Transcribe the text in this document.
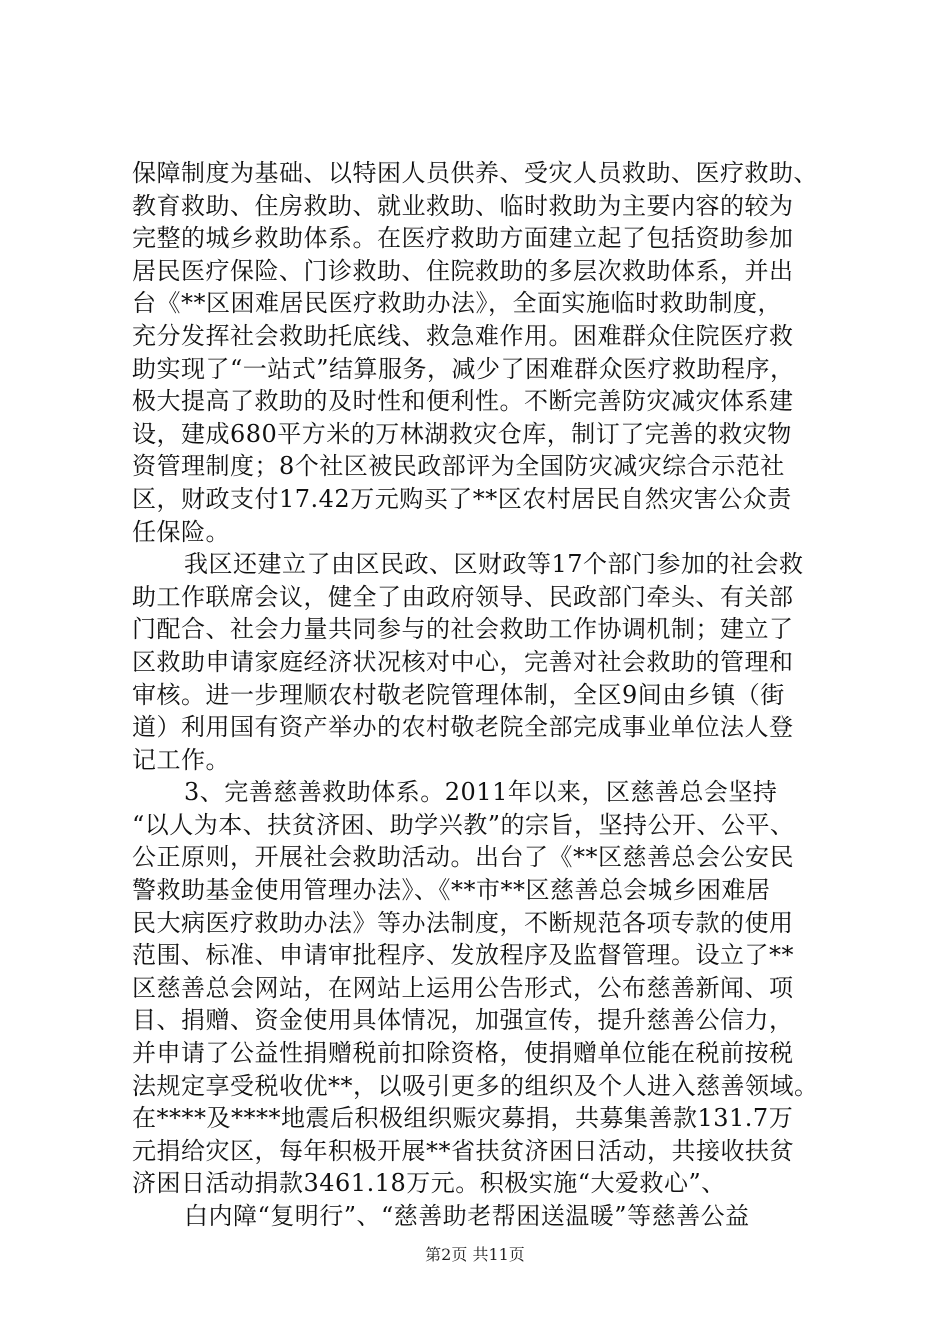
保障制度为基础、以特困人员供养、受灾人员救助、医疗救助、
教育救助、住房救助、就业救助、临时救助为主要内容的较为
完整的城乡救助体系。在医疗救助方面建立起了包括资助参加
居民医疗保险、门诊救助、住院救助的多层次救助体系，并出
台《**区困难居民医疗救助办法》，全面实施临时救助制度，
充分发挥社会救助托底线、救急难作用。困难群众住院医疗救
助实现了“一站式”结算服务，减少了困难群众医疗救助程序，
极大提高了救助的及时性和便利性。不断完善防灾减灾体系建
设，建成680平方米的万林湖救灾仓库，制订了完善的救灾物
资管理制度；8个社区被民政部评为全国防灾减灾综合示范社
区，财政支付17.42万元购买了**区农村居民自然灾害公众责
任保险。
我区还建立了由区民政、区财政等17个部门参加的社会救
助工作联席会议，健全了由政府领导、民政部门牵头、有关部
门配合、社会力量共同参与的社会救助工作协调机制；建立了
区救助申请家庭经济状况核对中心，完善对社会救助的管理和
审核。进一步理顺农村敬老院管理体制，全区9间由乡镇（街
道）利用国有资产举办的农村敬老院全部完成事业单位法人登
记工作。
3、完善慈善救助体系。2011年以来，区慈善总会坚持
“以人为本、扶贫济困、助学兴教”的宗旨，坚持公开、公平、
公正原则，开展社会救助活动。出台了《**区慈善总会公安民
警救助基金使用管理办法》、《**市**区慈善总会城乡困难居
民大病医疗救助办法》等办法制度，不断规范各项专款的使用
范围、标准、申请审批程序、发放程序及监督管理。设立了**
区慈善总会网站，在网站上运用公告形式，公布慈善新闻、项
目、捐赠、资金使用具体情况，加强宣传，提升慈善公信力，
并申请了公益性捐赠税前扣除资格，使捐赠单位能在税前按税
法规定享受税收优**，以吸引更多的组织及个人进入慈善领域。
在****及****地震后积极组织赈灾募捐，共募集善款131.7万
元捐给灾区，每年积极开展**省扶贫济困日活动，共接收扶贫
济困日活动捐款3461.18万元。积极实施“大爱救心”、
白内障“复明行”、“慈善助老帮困送温暖”等慈善公益
第2页 共11页
